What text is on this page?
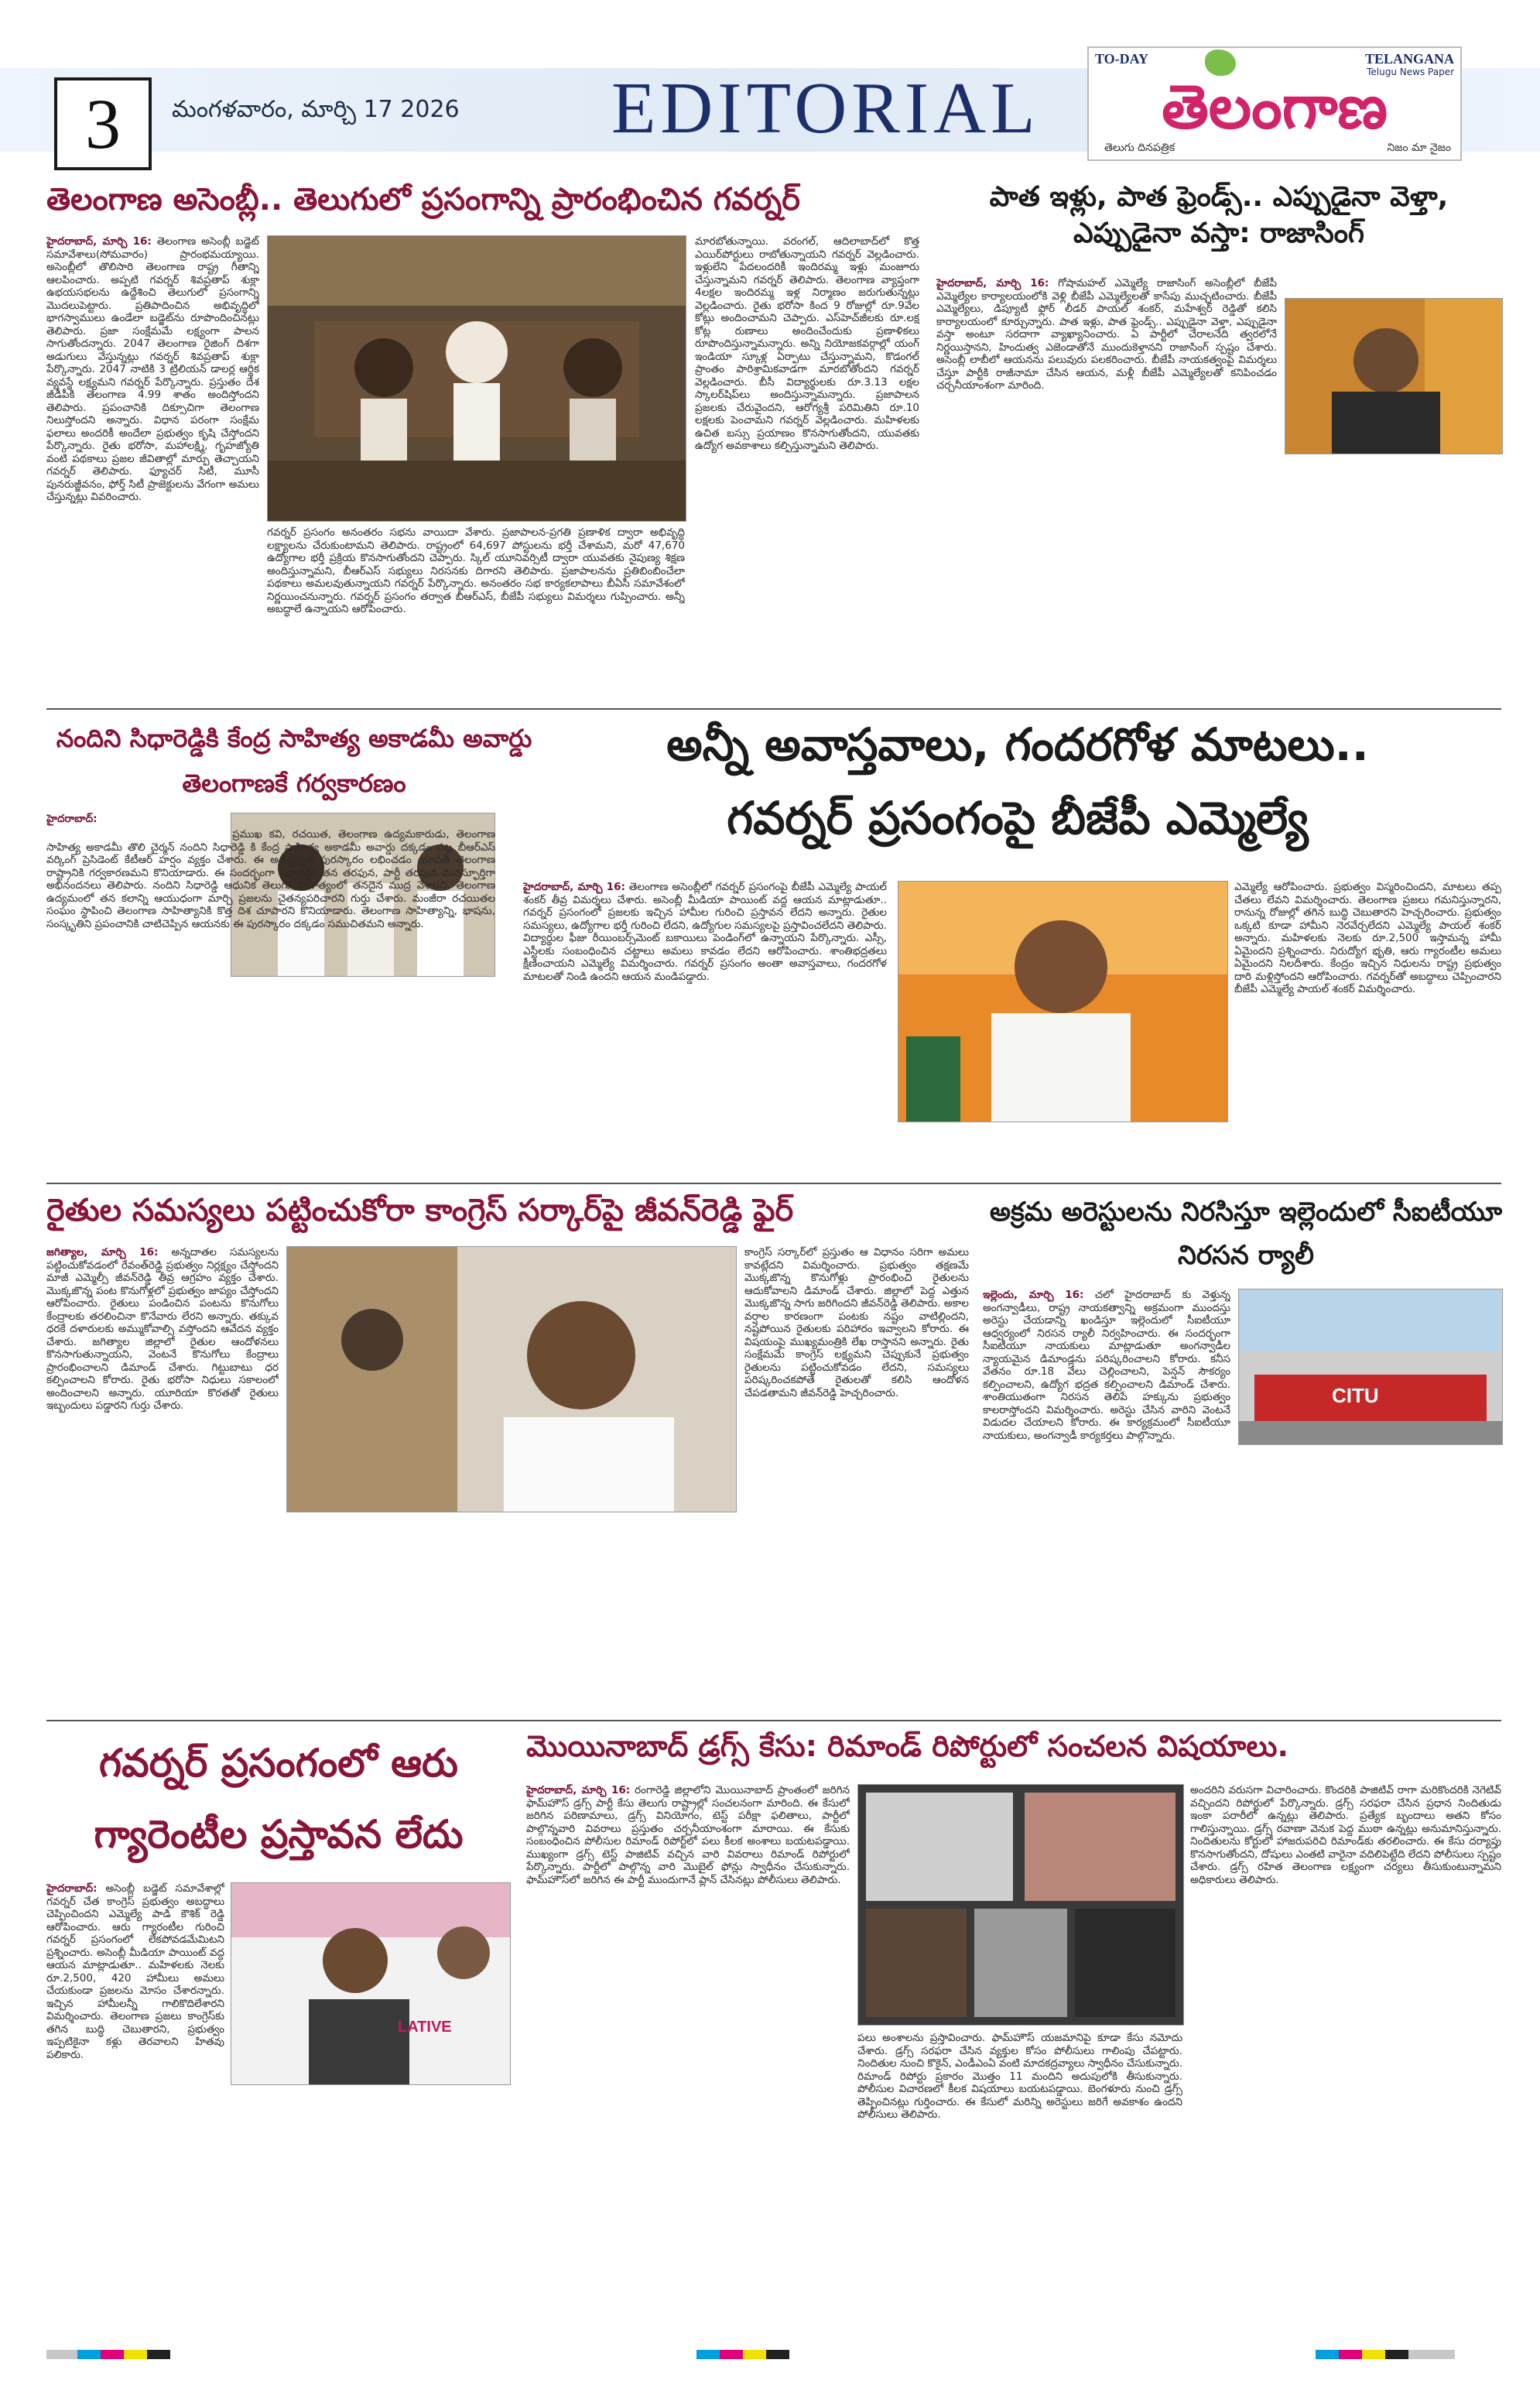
3	మంగళవారం, మార్చి 17 2026 EDITORIAL
TO-DAY	TELANGANA
Telugu News Paper
తెలంగాణ
తెలుగు దినపత్రిక	నిజం మా నైజం
తెలంగాణ అసెంబ్లీ.. తెలుగులో ప్రసంగాన్ని ప్రారంభించిన గవర్నర్
హైదరాబాద్, మార్చి 16: తెలంగాణ అసెంబ్లీ బడ్జెట్ సమావేశాలు(సోమవారం) ప్రారంభమయ్యాయి. అసెంబ్లీలో తొలిసారి తెలంగాణ రాష్ట్ర గీతాన్ని ఆలపించారు. అప్పటి గవర్నర్ శివప్రతాప్ శుక్లా ఉభయసభలను ఉద్దేశించి తెలుగులో ప్రసంగాన్ని మొదలుపెట్టారు. ప్రతిపాదించిన అభివృద్ధిలో భాగస్వాములు ఉండేలా బడ్జెట్‌ను రూపొందించినట్లు తెలిపారు. ప్రజా సంక్షేమమే లక్ష్యంగా పాలన సాగుతోందన్నారు. 2047 తెలంగాణ రైజింగ్ దిశగా అడుగులు వేస్తున్నట్లు గవర్నర్ శివప్రతాప్ శుక్లా పేర్కొన్నారు. 2047 నాటికి 3 ట్రిలియన్ డాలర్ల ఆర్థిక వ్యవస్థే లక్ష్యమని గవర్నర్ పేర్కొన్నారు. ప్రస్తుతం దేశ జీడీపీకి తెలంగాణ 4.99 శాతం అందిస్తోందని తెలిపారు. ప్రపంచానికి దిక్సూచిగా తెలంగాణ నిలుస్తోందని అన్నారు. విధాన పరంగా సంక్షేమ ఫలాలు అందరికీ అందేలా ప్రభుత్వం కృషి చేస్తోందని పేర్కొన్నారు. రైతు భరోసా, మహాలక్ష్మి, గృహజ్యోతి వంటి పథకాలు ప్రజల జీవితాల్లో మార్పు తెచ్చాయని గవర్నర్ తెలిపారు. ఫ్యూచర్ సిటీ, మూసీ పునరుజ్జీవనం, ఫోర్త్ సిటీ ప్రాజెక్టులను వేగంగా అమలు చేస్తున్నట్లు వివరించారు.
గవర్నర్ ప్రసంగం అనంతరం సభను వాయిదా వేశారు. ప్రజాపాలన-ప్రగతి ప్రణాళిక ద్వారా అభివృద్ధి లక్ష్యాలను చేరుకుంటామని తెలిపారు. రాష్ట్రంలో 64,697 పోస్టులను భర్తీ చేశామని, మరో 47,670 ఉద్యోగాల భర్తీ ప్రక్రియ కొనసాగుతోందని చెప్పారు. స్కిల్ యూనివర్సిటీ ద్వారా యువతకు నైపుణ్య శిక్షణ అందిస్తున్నామని, బీఆర్‌ఎస్ సభ్యులు నిరసనకు దిగారని తెలిపారు. ప్రజాపాలనను ప్రతిబింబించేలా పథకాలు అమలవుతున్నాయని గవర్నర్ పేర్కొన్నారు. అనంతరం సభ కార్యకలాపాలు బీఏసీ సమావేశంలో నిర్ణయించనున్నారు. గవర్నర్ ప్రసంగం తర్వాత బీఆర్‌ఎస్, బీజేపీ సభ్యులు విమర్శలు గుప్పించారు. అన్నీ అబద్ధాలే ఉన్నాయని ఆరోపించారు.
మారబోతున్నాయి. వరంగల్, ఆదిలాబాద్‌లో కొత్త ఎయిర్‌పోర్టులు రాబోతున్నాయని గవర్నర్ వెల్లడించారు. ఇళ్లులేని పేదలందరికీ ఇందిరమ్మ ఇళ్లు మంజూరు చేస్తున్నామని గవర్నర్ తెలిపారు. తెలంగాణ వ్యాప్తంగా 4లక్షల ఇందిరమ్మ ఇళ్ల నిర్మాణం జరుగుతున్నట్లు వెల్లడించారు. రైతు భరోసా కింద 9 రోజుల్లో రూ.9వేల కోట్లు అందించామని చెప్పారు. ఎస్‌హెచ్‌జీలకు రూ.లక్ష కోట్ల రుణాలు అందించేందుకు ప్రణాళికలు రూపొందిస్తున్నామన్నారు. అన్ని నియోజకవర్గాల్లో యంగ్ ఇండియా స్కూళ్ల ఏర్పాటు చేస్తున్నామని, కొడంగల్ ప్రాంతం పారిశ్రామికవాడగా మారబోతోందని గవర్నర్ వెల్లడించారు. బీసీ విద్యార్థులకు రూ.3.13 లక్షల స్కాలర్‌షిప్‌లు అందిస్తున్నామన్నారు. ప్రజాపాలన ప్రజలకు చేరువైందని, ఆరోగ్యశ్రీ పరిమితిని రూ.10 లక్షలకు పెంచామని గవర్నర్ వెల్లడించారు. మహిళలకు ఉచిత బస్సు ప్రయాణం కొనసాగుతోందని, యువతకు ఉద్యోగ అవకాశాలు కల్పిస్తున్నామని తెలిపారు.
పాత ఇళ్లు, పాత ఫ్రెండ్స్.. ఎప్పుడైనా వెళ్తా, ఎప్పుడైనా వస్తా: రాజాసింగ్
హైదరాబాద్, మార్చి 16: గోషామహల్ ఎమ్మెల్యే రాజాసింగ్ అసెంబ్లీలో బీజేపీ ఎమ్మెల్యేల కార్యాలయంలోకి వెళ్లి బీజేపీ ఎమ్మెల్యేలతో కాసేపు ముచ్చటించారు. బీజేపీ ఎమ్మెల్యేలు, డిప్యూటీ ఫ్లోర్ లీడర్ పాయల్ శంకర్, మహేశ్వర్ రెడ్డితో కలిసి కార్యాలయంలో కూర్చున్నారు. పాత ఇళ్లు, పాత ఫ్రెండ్స్.. ఎప్పుడైనా వెళ్తా, ఎప్పుడైనా వస్తా అంటూ సరదాగా వ్యాఖ్యానించారు. ఏ పార్టీలో చేరాలనేది త్వరలోనే నిర్ణయిస్తానని, హిందుత్వ ఎజెండాతోనే ముందుకెళ్తానని రాజాసింగ్ స్పష్టం చేశారు. అసెంబ్లీ లాబీలో ఆయనను పలువురు పలకరించారు. బీజేపీ నాయకత్వంపై విమర్శలు చేస్తూ పార్టీకి రాజీనామా చేసిన ఆయన, మళ్లీ బీజేపీ ఎమ్మెల్యేలతో కనిపించడం చర్చనీయాంశంగా మారింది.
నందిని సిధారెడ్డికి కేంద్ర సాహిత్య అకాడమీ అవార్డు తెలంగాణకే గర్వకారణం
హైదరాబాద్:
ప్రముఖ కవి, రచయిత, తెలంగాణ ఉద్యమకారుడు, తెలంగాణ సాహిత్య అకాడమీ తొలి చైర్మన్ నందిని సిధారెడ్డి కి కేంద్ర సాహిత్య అకాడమీ అవార్డు దక్కడం పట్ల బీఆర్‌ఎస్ వర్కింగ్ ప్రెసిడెంట్ కేటీఆర్ హర్షం వ్యక్తం చేశారు. ఈ అత్యున్నత పురస్కారం లభించడం యావత్ తెలంగాణ రాష్ట్రానికి గర్వకారణమని కొనియాడారు. ఈ సందర్భంగా సిధారెడ్డికి తన తరఫున, పార్టీ తరఫున మనస్ఫూర్తిగా అభినందనలు తెలిపారు. నందిని సిధారెడ్డి ఆధునిక తెలుగు సాహిత్యంలో తనదైన ముద్ర వేశారని, తెలంగాణ ఉద్యమంలో తన కలాన్ని ఆయుధంగా మార్చి ప్రజలను చైతన్యపరిచారని గుర్తు చేశారు. మంజీరా రచయితల సంఘం స్థాపించి తెలంగాణ సాహిత్యానికి కొత్త దిశ చూపారని కొనియాడారు. తెలంగాణ సాహిత్యాన్ని, భాషను, సంస్కృతిని ప్రపంచానికి చాటిచెప్పిన ఆయనకు ఈ పురస్కారం దక్కడం సముచితమని అన్నారు.
అన్నీ అవాస్తవాలు, గందరగోళ మాటలు..
గవర్నర్ ప్రసంగంపై బీజేపీ ఎమ్మెల్యే
హైదరాబాద్, మార్చి 16: తెలంగాణ అసెంబ్లీలో గవర్నర్ ప్రసంగంపై బీజేపీ ఎమ్మెల్యే పాయల్ శంకర్ తీవ్ర విమర్శలు చేశారు. అసెంబ్లీ మీడియా పాయింట్ వద్ద ఆయన మాట్లాడుతూ.. గవర్నర్ ప్రసంగంలో ప్రజలకు ఇచ్చిన హామీల గురించి ప్రస్తావన లేదని అన్నారు. రైతుల సమస్యలు, ఉద్యోగాల భర్తీ గురించి లేదని, ఉద్యోగుల సమస్యలపై ప్రస్తావించలేదని తెలిపారు. విద్యార్థుల ఫీజు రీయింబర్స్‌మెంట్ బకాయిలు పెండింగ్‌లో ఉన్నాయని పేర్కొన్నారు. ఎస్సీ, ఎస్టీలకు సంబంధించిన చట్టాలు అమలు కావడం లేదని ఆరోపించారు. శాంతిభద్రతలు క్షీణించాయని ఎమ్మెల్యే విమర్శించారు. గవర్నర్ ప్రసంగం అంతా అవాస్తవాలు, గందరగోళ మాటలతో నిండి ఉందని ఆయన మండిపడ్డారు.
ఎమ్మెల్యే ఆరోపించారు. ప్రభుత్వం విస్మరించిందని, మాటలు తప్ప చేతలు లేవని విమర్శించారు. తెలంగాణ ప్రజలు గమనిస్తున్నారని, రానున్న రోజుల్లో తగిన బుద్ధి చెబుతారని హెచ్చరించారు. ప్రభుత్వం ఒక్కటి కూడా హామీని నెరవేర్చలేదని ఎమ్మెల్యే పాయల్ శంకర్ అన్నారు. మహిళలకు నెలకు రూ.2,500 ఇస్తామన్న హామీ ఏమైందని ప్రశ్నించారు. నిరుద్యోగ భృతి, ఆరు గ్యారంటీల అమలు ఏమైందని నిలదీశారు. కేంద్రం ఇచ్చిన నిధులను రాష్ట్ర ప్రభుత్వం దారి మళ్లిస్తోందని ఆరోపించారు. గవర్నర్‌తో అబద్ధాలు చెప్పించారని బీజేపీ ఎమ్మెల్యే పాయల్ శంకర్ విమర్శించారు.
రైతుల సమస్యలు పట్టించుకోరా కాంగ్రెస్ సర్కార్‌పై జీవన్‌రెడ్డి ఫైర్
జగిత్యాల, మార్చి 16: అన్నదాతల సమస్యలను పట్టించుకోవడంలో రేవంత్‌రెడ్డి ప్రభుత్వం నిర్లక్ష్యం చేస్తోందని మాజీ ఎమ్మెల్సీ జీవన్‌రెడ్డి తీవ్ర ఆగ్రహం వ్యక్తం చేశారు. మొక్కజొన్న పంట కొనుగోళ్లలో ప్రభుత్వం జాప్యం చేస్తోందని ఆరోపించారు. రైతులు పండించిన పంటను కొనుగోలు కేంద్రాలకు తరలించినా కొనేవారు లేరని అన్నారు. తక్కువ ధరకే దళారులకు అమ్ముకోవాల్సి వస్తోందని ఆవేదన వ్యక్తం చేశారు. జగిత్యాల జిల్లాలో రైతుల ఆందోళనలు కొనసాగుతున్నాయని, వెంటనే కొనుగోలు కేంద్రాలు ప్రారంభించాలని డిమాండ్ చేశారు. గిట్టుబాటు ధర కల్పించాలని కోరారు. రైతు భరోసా నిధులు సకాలంలో అందించాలని అన్నారు. యూరియా కొరతతో రైతులు ఇబ్బందులు పడ్డారని గుర్తు చేశారు.
కాంగ్రెస్ సర్కార్‌లో ప్రస్తుతం ఆ విధానం సరిగా అమలు కావట్లేదని విమర్శించారు. ప్రభుత్వం తక్షణమే మొక్కజొన్న కొనుగోళ్లు ప్రారంభించి రైతులను ఆదుకోవాలని డిమాండ్ చేశారు. జిల్లాలో పెద్ద ఎత్తున మొక్కజొన్న సాగు జరిగిందని జీవన్‌రెడ్డి తెలిపారు. అకాల వర్షాల కారణంగా పంటకు నష్టం వాటిల్లిందని, నష్టపోయిన రైతులకు పరిహారం ఇవ్వాలని కోరారు. ఈ విషయంపై ముఖ్యమంత్రికి లేఖ రాస్తానని అన్నారు. రైతు సంక్షేమమే కాంగ్రెస్ లక్ష్యమని చెప్పుకునే ప్రభుత్వం రైతులను పట్టించుకోవడం లేదని, సమస్యలు పరిష్కరించకపోతే రైతులతో కలిసి ఆందోళన చేపడతామని జీవన్‌రెడ్డి హెచ్చరించారు.
అక్రమ అరెస్టులను నిరసిస్తూ ఇల్లెందులో సీఐటీయూ నిరసన ర్యాలీ
ఇల్లెందు, మార్చి 16: చలో హైదరాబాద్ కు వెళ్తున్న అంగన్వాడీలు, రాష్ట్ర నాయకత్వాన్ని అక్రమంగా ముందస్తు అరెస్టు చేయడాన్ని ఖండిస్తూ ఇల్లెందులో సీఐటీయూ ఆధ్వర్యంలో నిరసన ర్యాలీ నిర్వహించారు. ఈ సందర్భంగా సీఐటీయూ నాయకులు మాట్లాడుతూ అంగన్వాడీల న్యాయమైన డిమాండ్లను పరిష్కరించాలని కోరారు. కనీస వేతనం రూ.18 వేలు చెల్లించాలని, పెన్షన్ సౌకర్యం కల్పించాలని, ఉద్యోగ భద్రత కల్పించాలని డిమాండ్ చేశారు. శాంతియుతంగా నిరసన తెలిపే హక్కును ప్రభుత్వం కాలరాస్తోందని విమర్శించారు. అరెస్టు చేసిన వారిని వెంటనే విడుదల చేయాలని కోరారు. ఈ కార్యక్రమంలో సీఐటీయూ నాయకులు, అంగన్వాడీ కార్యకర్తలు పాల్గొన్నారు.
CITU
గవర్నర్ ప్రసంగంలో ఆరు గ్యారెంటీల ప్రస్తావన లేదు
హైదరాబాద్: అసెంబ్లీ బడ్జెట్ సమావేశాల్లో గవర్నర్ చేత కాంగ్రెస్ ప్రభుత్వం అబద్ధాలు చెప్పించిందని ఎమ్మెల్యే పాడి కౌశిక్ రెడ్డి ఆరోపించారు. ఆరు గ్యారంటీల గురించి గవర్నర్ ప్రసంగంలో లేకపోవడమేమిటని ప్రశ్నించారు. అసెంబ్లీ మీడియా పాయింట్ వద్ద ఆయన మాట్లాడుతూ.. మహిళలకు నెలకు రూ.2,500, 420 హామీలు అమలు చేయకుండా ప్రజలను మోసం చేశారన్నారు. ఇచ్చిన హామీలన్నీ గాలికొదిలేశారని విమర్శించారు. తెలంగాణ ప్రజలు కాంగ్రెస్‌కు తగిన బుద్ధి చెబుతారని, ప్రభుత్వం ఇప్పటికైనా కళ్లు తెరవాలని హితవు పలికారు.
LATIVE
మొయినాబాద్ డ్రగ్స్ కేసు: రిమాండ్ రిపోర్టులో సంచలన విషయాలు.
హైదరాబాద్, మార్చి 16: రంగారెడ్డి జిల్లాలోని మొయినాబాద్ ప్రాంతంలో జరిగిన ఫామ్‌హౌస్ డ్రగ్స్ పార్టీ కేసు తెలుగు రాష్ట్రాల్లో సంచలనంగా మారింది. ఈ కేసులో జరిగిన పరిణామాలు, డ్రగ్స్ వినియోగం, టెస్ట్ పరీక్షా ఫలితాలు, పార్టీలో పాల్గొన్నవారి వివరాలు ప్రస్తుతం చర్చనీయాంశంగా మారాయి. ఈ కేసుకు సంబంధించిన పోలీసుల రిమాండ్ రిపోర్ట్‌లో పలు కీలక అంశాలు బయటపడ్డాయి. ముఖ్యంగా డ్రగ్స్ టెస్ట్ పాజిటివ్ వచ్చిన వారి వివరాలు రిమాండ్ రిపోర్టులో పేర్కొన్నారు. పార్టీలో పాల్గొన్న వారి మొబైల్ ఫోన్లు స్వాధీనం చేసుకున్నారు. ఫామ్‌హౌస్‌లో జరిగిన ఈ పార్టీ ముందుగానే ప్లాన్ చేసినట్లు పోలీసులు తెలిపారు.
పలు అంశాలను ప్రస్తావించారు. ఫామ్‌హౌస్ యజమానిపై కూడా కేసు నమోదు చేశారు. డ్రగ్స్ సరఫరా చేసిన వ్యక్తుల కోసం పోలీసులు గాలింపు చేపట్టారు. నిందితుల నుంచి కొకైన్, ఎండీఎంఏ వంటి మాదకద్రవ్యాలు స్వాధీనం చేసుకున్నారు. రిమాండ్ రిపోర్టు ప్రకారం మొత్తం 11 మందిని అదుపులోకి తీసుకున్నారు. పోలీసుల విచారణలో కీలక విషయాలు బయటపడ్డాయి. బెంగళూరు నుంచి డ్రగ్స్ తెప్పించినట్లు గుర్తించారు. ఈ కేసులో మరిన్ని అరెస్టులు జరిగే అవకాశం ఉందని పోలీసులు తెలిపారు.
అందరిని వరుసగా విచారించారు. కొందరికి పాజిటివ్ రాగా మరికొందరికి నెగెటివ్ వచ్చిందని రిపోర్టులో పేర్కొన్నారు. డ్రగ్స్ సరఫరా చేసిన ప్రధాన నిందితుడు ఇంకా పరారీలో ఉన్నట్లు తెలిపారు. ప్రత్యేక బృందాలు అతని కోసం గాలిస్తున్నాయి. డ్రగ్స్ రవాణా వెనుక పెద్ద ముఠా ఉన్నట్లు అనుమానిస్తున్నారు. నిందితులను కోర్టులో హాజరుపరిచి రిమాండ్‌కు తరలించారు. ఈ కేసు దర్యాప్తు కొనసాగుతోందని, దోషులు ఎంతటి వారైనా వదిలిపెట్టేది లేదని పోలీసులు స్పష్టం చేశారు. డ్రగ్స్ రహిత తెలంగాణ లక్ష్యంగా చర్యలు తీసుకుంటున్నామని అధికారులు తెలిపారు.
